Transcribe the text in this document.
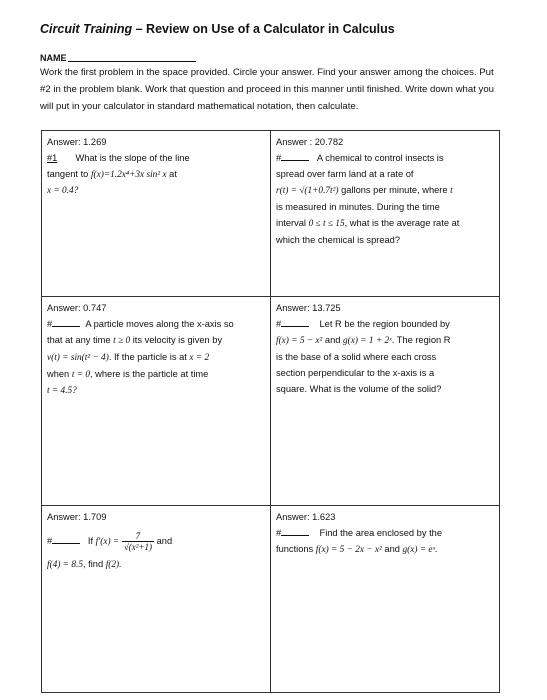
Circuit Training – Review on Use of a Calculator in Calculus
NAME
Work the first problem in the space provided. Circle your answer. Find your answer among the choices. Put #2 in the problem blank. Work that question and proceed in this manner until finished. Write down what you will put in your calculator in standard mathematical notation, then calculate.
Answer: 1.269
#1 What is the slope of the line
tangent to f(x)=1.2x⁴+3x sin² x at
x = 0.4?
Answer : 20.782
#	A chemical to control insects is
spread over farm land at a rate of
r(t) = √(1+0.7t²) gallons per minute, where t
is measured in minutes. During the time
interval 0 ≤ t ≤ 15, what is the average rate at
which the chemical is spread?
Answer: 0.747
#	A particle moves along the x-axis so
that at any time t ≥ 0 its velocity is given by
v(t) = sin(t² − 4). If the particle is at x = 2
when t = 0, where is the particle at time
t = 4.5?
Answer: 13.725
#	Let R be the region bounded by
f(x) = 5 − x² and g(x) = 1 + 2ˣ. The region R
is the base of a solid where each cross
section perpendicular to the x-axis is a
square. What is the volume of the solid?
Answer: 1.709
#	If $f'(x) = \frac{7}{\text{√(x²+1)}}$ and
f(4) = 8.5, find f(2).
Answer: 1.623
#	Find the area enclosed by the
functions f(x) = 5 − 2x − x² and g(x) = eˣ.
